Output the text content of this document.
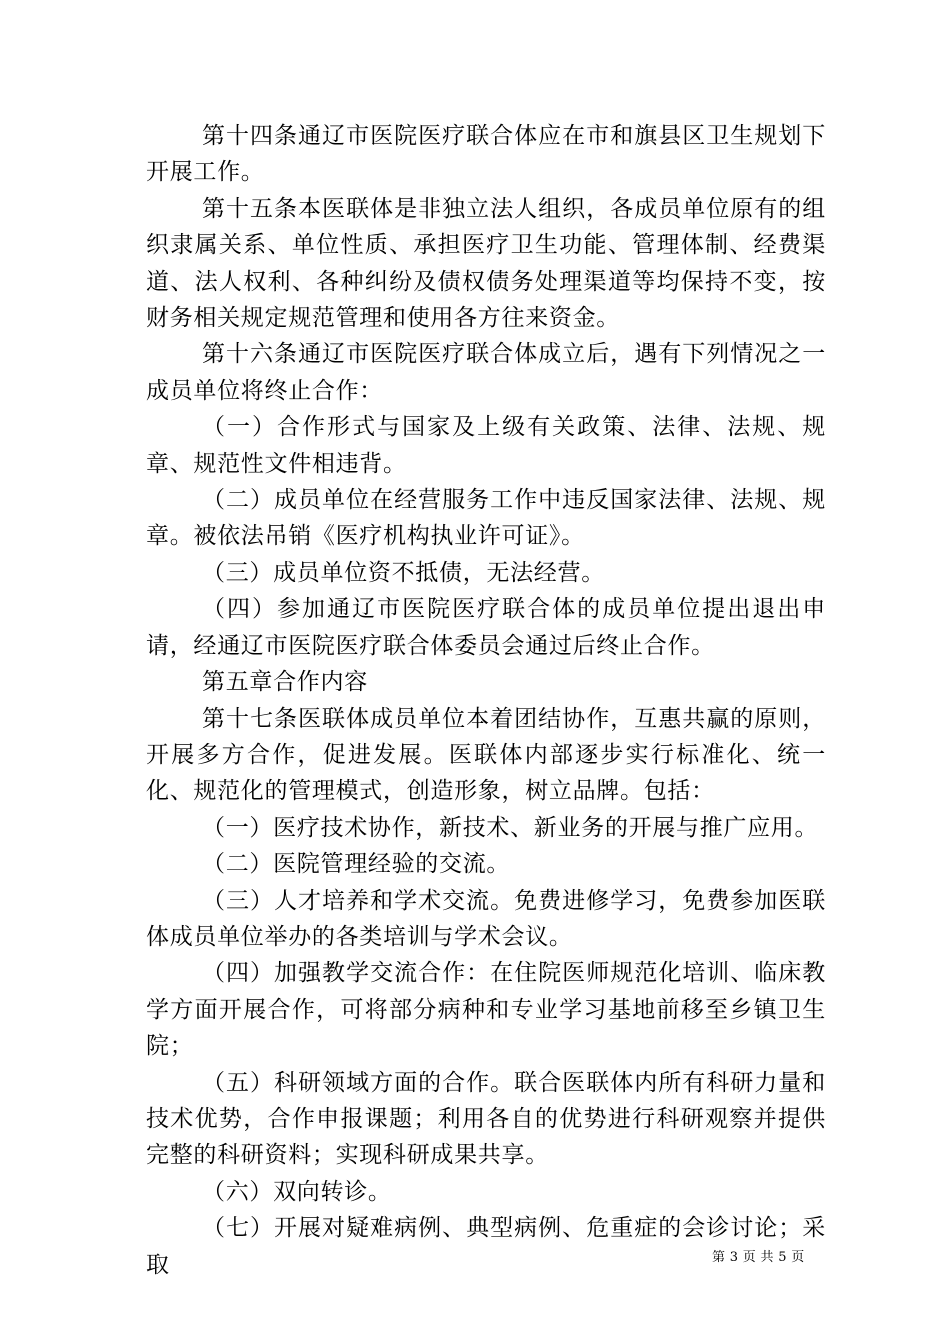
第十四条通辽市医院医疗联合体应在市和旗县区卫生规划下开展工作。

第十五条本医联体是非独立法人组织，各成员单位原有的组织隶属关系、单位性质、承担医疗卫生功能、管理体制、经费渠道、法人权利、各种纠纷及债权债务处理渠道等均保持不变，按财务相关规定规范管理和使用各方往来资金。

第十六条通辽市医院医疗联合体成立后，遇有下列情况之一成员单位将终止合作：

（一）合作形式与国家及上级有关政策、法律、法规、规章、规范性文件相违背。

（二）成员单位在经营服务工作中违反国家法律、法规、规章。被依法吊销《医疗机构执业许可证》。

（三）成员单位资不抵债，无法经营。

（四）参加通辽市医院医疗联合体的成员单位提出退出申请，经通辽市医院医疗联合体委员会通过后终止合作。

第五章合作内容

第十七条医联体成员单位本着团结协作，互惠共赢的原则，开展多方合作，促进发展。医联体内部逐步实行标准化、统一化、规范化的管理模式，创造形象，树立品牌。包括：

（一）医疗技术协作，新技术、新业务的开展与推广应用。

（二）医院管理经验的交流。

（三）人才培养和学术交流。免费进修学习，免费参加医联体成员单位举办的各类培训与学术会议。

（四）加强教学交流合作：在住院医师规范化培训、临床教学方面开展合作，可将部分病种和专业学习基地前移至乡镇卫生院；

（五）科研领域方面的合作。联合医联体内所有科研力量和技术优势，合作申报课题；利用各自的优势进行科研观察并提供完整的科研资料；实现科研成果共享。

（六）双向转诊。

（七）开展对疑难病例、典型病例、危重症的会诊讨论；采取	第 3 页 共 5 页
